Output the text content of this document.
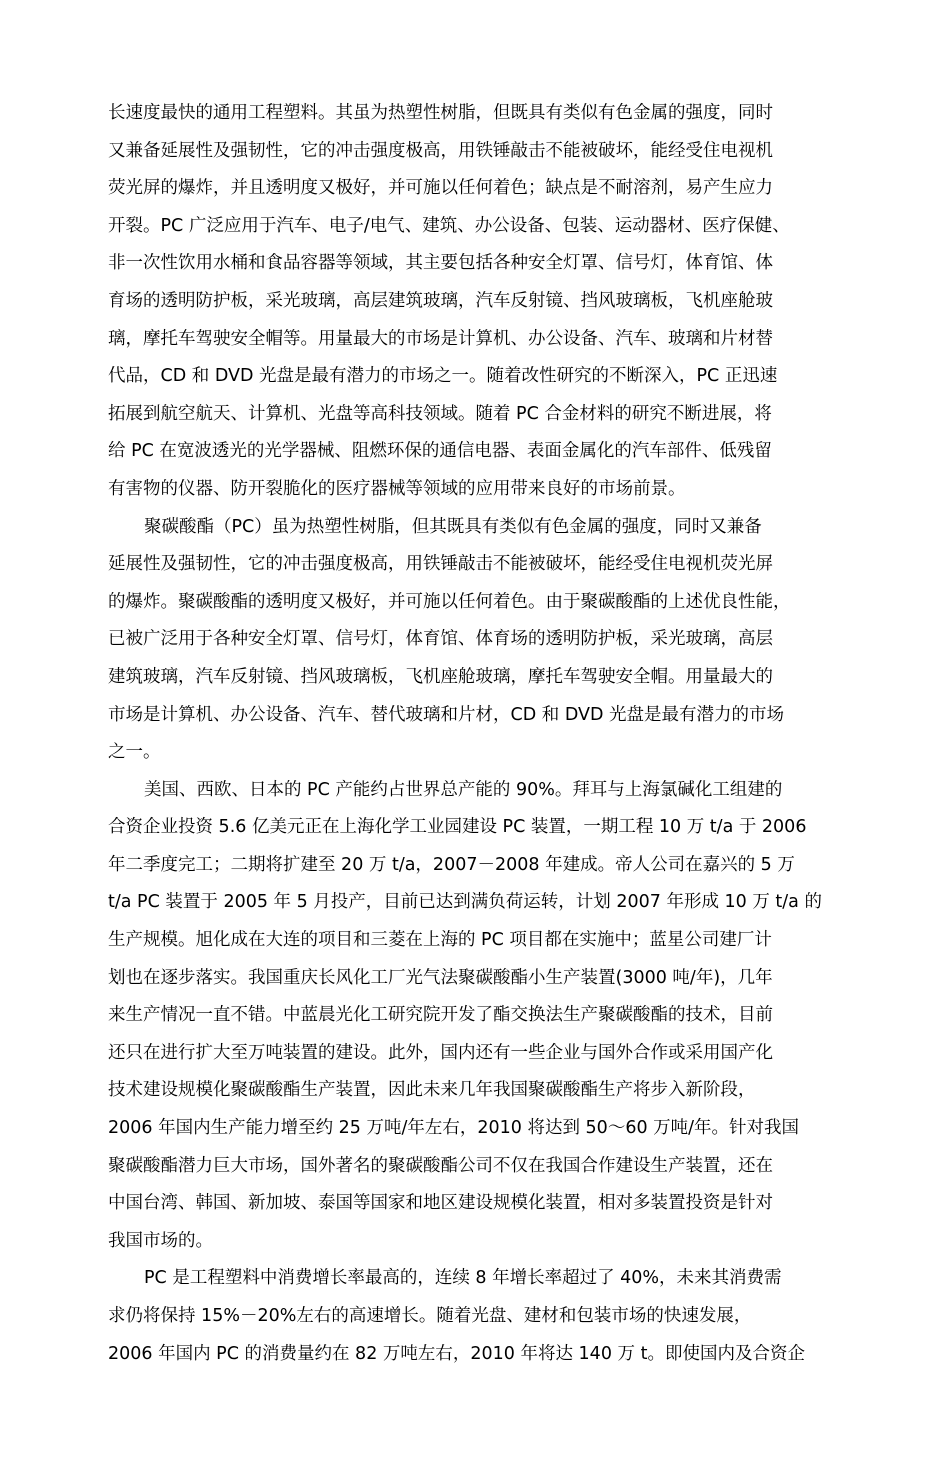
长速度最快的通用工程塑料。其虽为热塑性树脂，但既具有类似有色金属的强度，同时
又兼备延展性及强韧性，它的冲击强度极高，用铁锤敲击不能被破坏，能经受住电视机
荧光屏的爆炸，并且透明度又极好，并可施以任何着色；缺点是不耐溶剂，易产生应力
开裂。PC 广泛应用于汽车、电子/电气、建筑、办公设备、包装、运动器材、医疗保健、
非一次性饮用水桶和食品容器等领域，其主要包括各种安全灯罩、信号灯，体育馆、体
育场的透明防护板，采光玻璃，高层建筑玻璃，汽车反射镜、挡风玻璃板，飞机座舱玻
璃，摩托车驾驶安全帽等。用量最大的市场是计算机、办公设备、汽车、玻璃和片材替
代品，CD 和 DVD 光盘是最有潜力的市场之一。随着改性研究的不断深入，PC 正迅速
拓展到航空航天、计算机、光盘等高科技领域。随着 PC 合金材料的研究不断进展，将
给 PC 在宽波透光的光学器械、阻燃环保的通信电器、表面金属化的汽车部件、低残留
有害物的仪器、防开裂脆化的医疗器械等领域的应用带来良好的市场前景。
聚碳酸酯（PC）虽为热塑性树脂，但其既具有类似有色金属的强度，同时又兼备
延展性及强韧性，它的冲击强度极高，用铁锤敲击不能被破坏，能经受住电视机荧光屏
的爆炸。聚碳酸酯的透明度又极好，并可施以任何着色。由于聚碳酸酯的上述优良性能，
已被广泛用于各种安全灯罩、信号灯，体育馆、体育场的透明防护板，采光玻璃，高层
建筑玻璃，汽车反射镜、挡风玻璃板，飞机座舱玻璃，摩托车驾驶安全帽。用量最大的
市场是计算机、办公设备、汽车、替代玻璃和片材，CD 和 DVD 光盘是最有潜力的市场
之一。
美国、西欧、日本的 PC 产能约占世界总产能的 90%。拜耳与上海氯碱化工组建的
合资企业投资 5.6 亿美元正在上海化学工业园建设 PC 装置，一期工程 10 万 t/a 于 2006
年二季度完工；二期将扩建至 20 万 t/a，2007－2008 年建成。帝人公司在嘉兴的 5 万
t/a PC 装置于 2005 年 5 月投产，目前已达到满负荷运转，计划 2007 年形成 10 万 t/a 的
生产规模。旭化成在大连的项目和三菱在上海的 PC 项目都在实施中；蓝星公司建厂计
划也在逐步落实。我国重庆长风化工厂光气法聚碳酸酯小生产装置(3000 吨/年)，几年
来生产情况一直不错。中蓝晨光化工研究院开发了酯交换法生产聚碳酸酯的技术，目前
还只在进行扩大至万吨装置的建设。此外，国内还有一些企业与国外合作或采用国产化
技术建设规模化聚碳酸酯生产装置，因此未来几年我国聚碳酸酯生产将步入新阶段，
2006 年国内生产能力增至约 25 万吨/年左右，2010 将达到 50～60 万吨/年。针对我国
聚碳酸酯潜力巨大市场，国外著名的聚碳酸酯公司不仅在我国合作建设生产装置，还在
中国台湾、韩国、新加坡、泰国等国家和地区建设规模化装置，相对多装置投资是针对
我国市场的。
PC 是工程塑料中消费增长率最高的，连续 8 年增长率超过了 40%，未来其消费需
求仍将保持 15%－20%左右的高速增长。随着光盘、建材和包装市场的快速发展，
2006 年国内 PC 的消费量约在 82 万吨左右，2010 年将达 140 万 t。即使国内及合资企
